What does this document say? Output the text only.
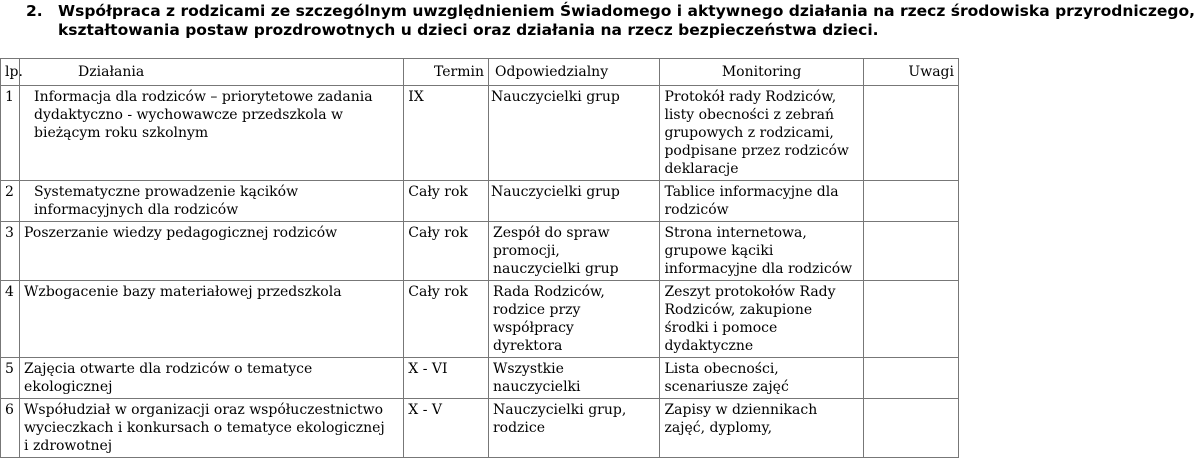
2. Współpraca z rodzicami ze szczególnym uwzględnieniem Świadomego i aktywnego działania na rzecz środowiska przyrodniczego,
kształtowania postaw prozdrowotnych u dzieci oraz działania na rzecz bezpieczeństwa dzieci.
lp.	Działania	Termin	Odpowiedzialny	Monitoring	Uwagi
1	Informacja dla rodziców – priorytetowe zadania dydaktyczno - wychowawcze przedszkola w bieżącym roku szkolnym	IX	Nauczycielki grup	Protokół rady Rodziców, listy obecności z zebrań grupowych z rodzicami, podpisane przez rodziców deklaracje	
2	Systematyczne prowadzenie kącików informacyjnych dla rodziców	Cały rok	Nauczycielki grup	Tablice informacyjne dla rodziców	
3	Poszerzanie wiedzy pedagogicznej rodziców	Cały rok	Zespół do spraw promocji, nauczycielki grup	Strona internetowa, grupowe kąciki informacyjne dla rodziców	
4	Wzbogacenie bazy materiałowej przedszkola	Cały rok	Rada Rodziców, rodzice przy współpracy dyrektora	Zeszyt protokołów Rady Rodziców, zakupione środki i pomoce dydaktyczne	
5	Zajęcia otwarte dla rodziców o tematyce ekologicznej	X - VI	Wszystkie nauczycielki	Lista obecności, scenariusze zajęć	
6	Współudział w organizacji oraz współuczestnictwo wycieczkach i konkursach o tematyce ekologicznej i zdrowotnej	X - V	Nauczycielki grup, rodzice	Zapisy w dziennikach zajęć, dyplomy,	
